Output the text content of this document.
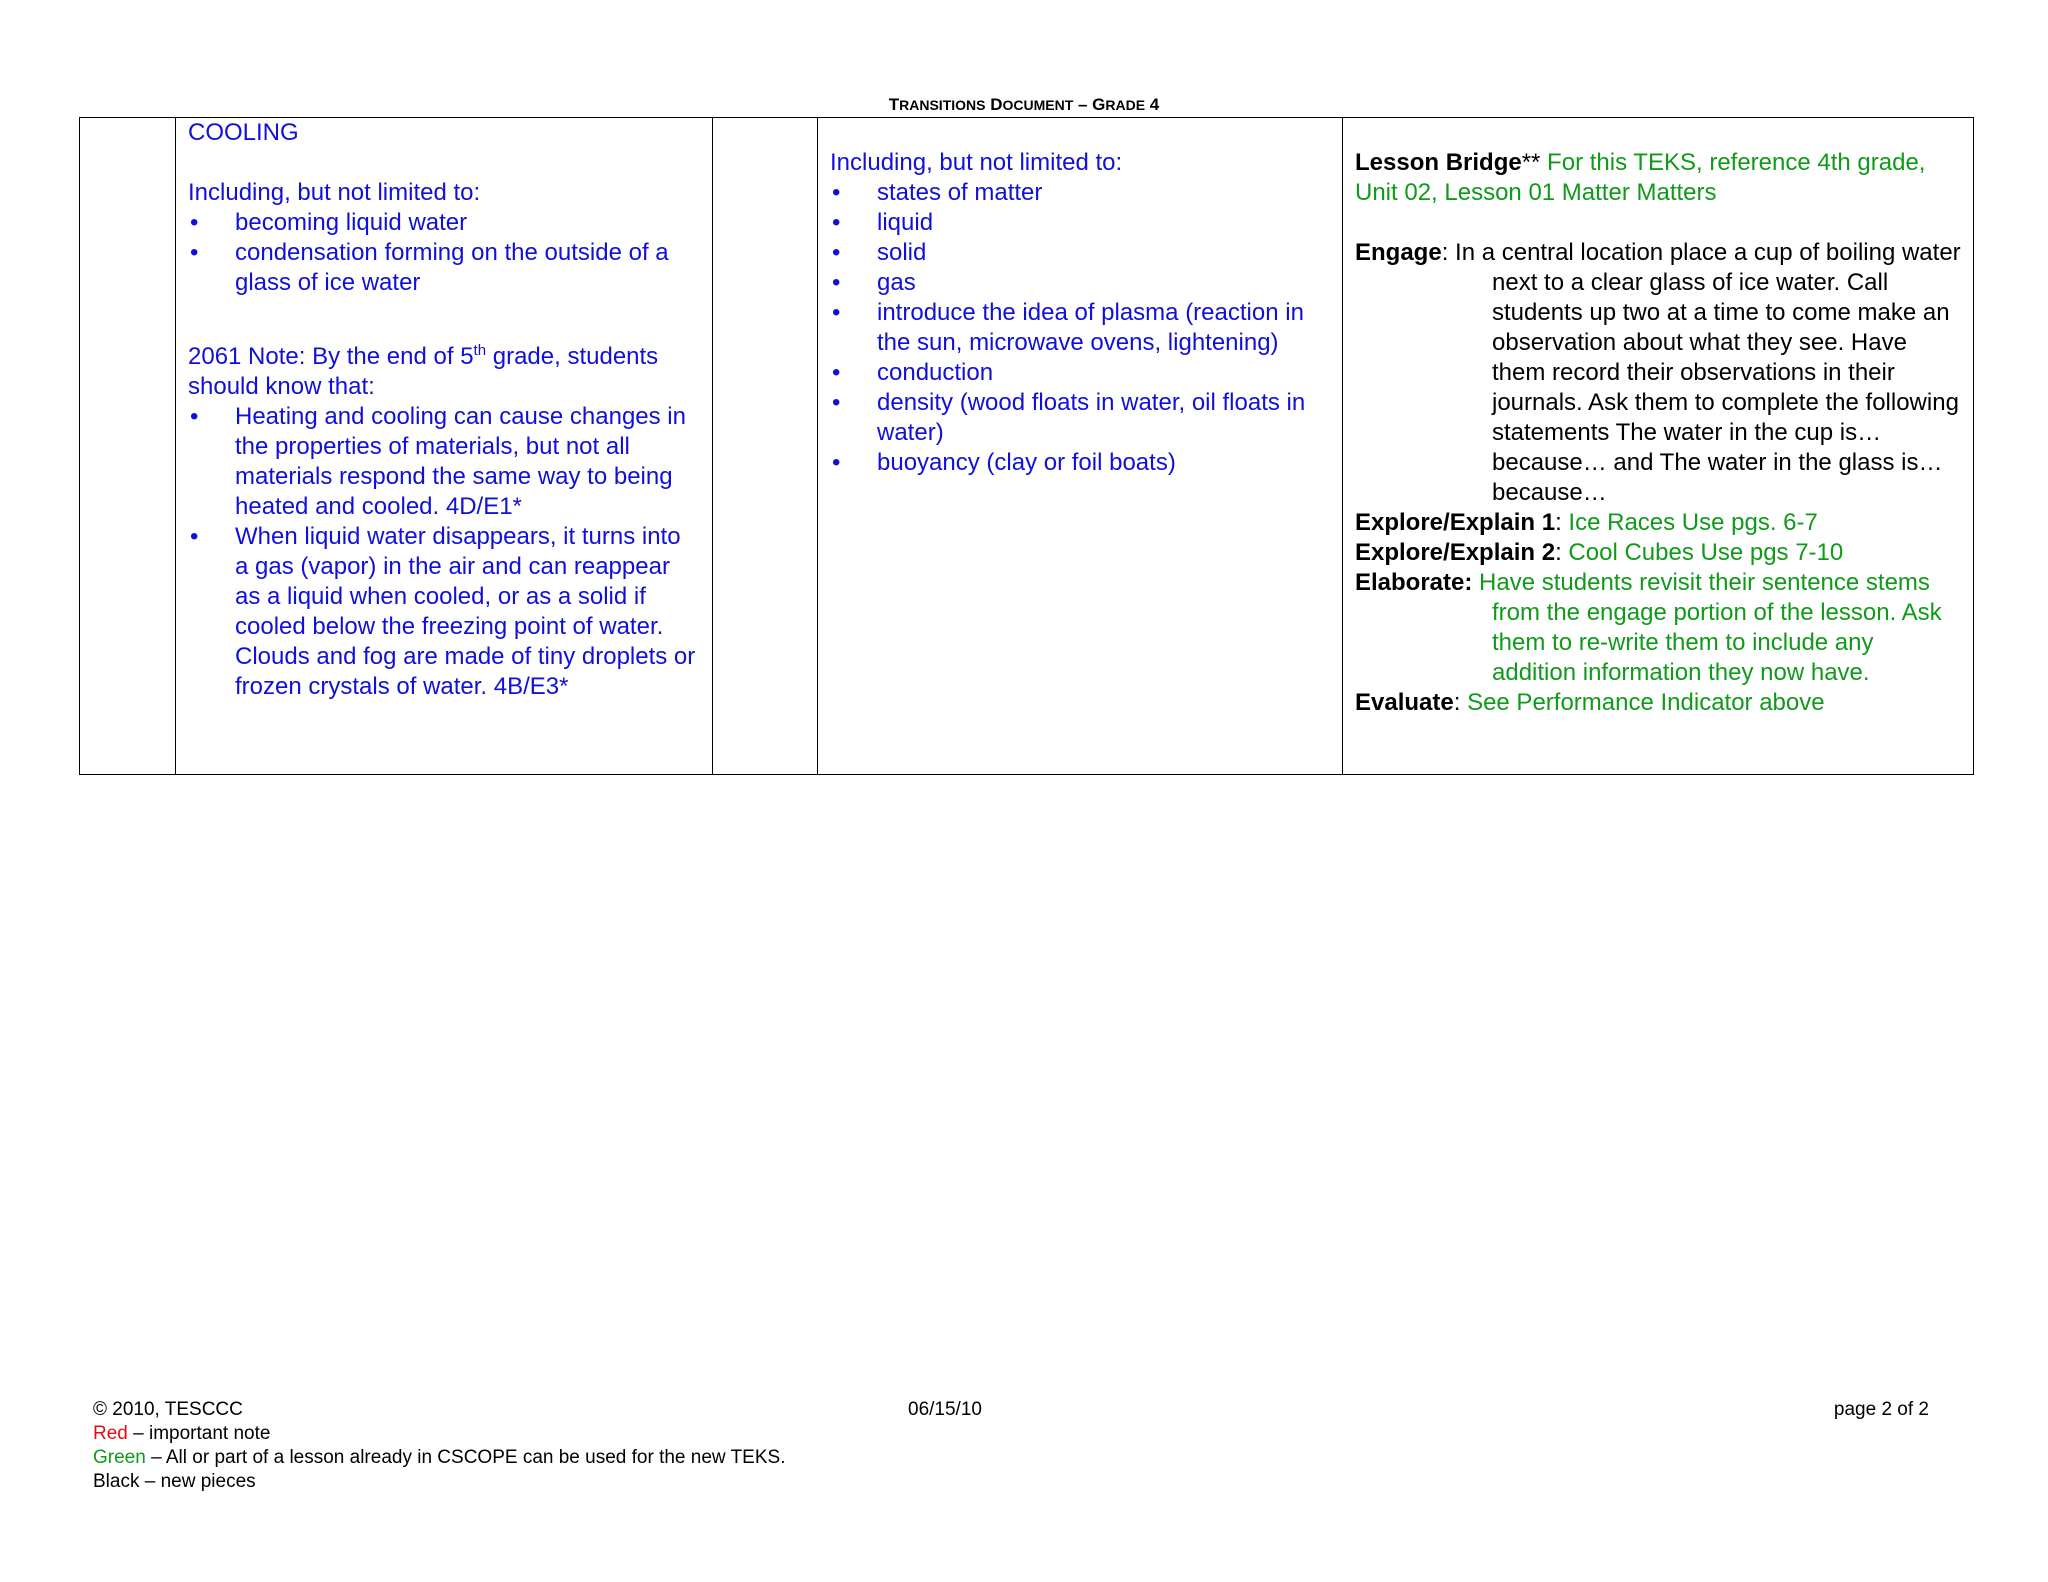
TRANSITIONS DOCUMENT – GRADE 4

COOLING
Including, but not limited to:
• becoming liquid water
• condensation forming on the outside of a glass of ice water
2061 Note: By the end of 5th grade, students should know that:
• Heating and cooling can cause changes in the properties of materials, but not all materials respond the same way to being heated and cooled. 4D/E1*
• When liquid water disappears, it turns into a gas (vapor) in the air and can reappear as a liquid when cooled, or as a solid if cooled below the freezing point of water. Clouds and fog are made of tiny droplets or frozen crystals of water. 4B/E3*

Including, but not limited to:
• states of matter
• liquid
• solid
• gas
• introduce the idea of plasma (reaction in the sun, microwave ovens, lightening)
• conduction
• density (wood floats in water, oil floats in water)
• buoyancy (clay or foil boats)

Lesson Bridge** For this TEKS, reference 4th grade, Unit 02, Lesson 01 Matter Matters
Engage: In a central location place a cup of boiling water next to a clear glass of ice water. Call students up two at a time to come make an observation about what they see. Have them record their observations in their journals. Ask them to complete the following statements The water in the cup is…because… and The water in the glass is…because…
Explore/Explain 1: Ice Races Use pgs. 6-7
Explore/Explain 2: Cool Cubes Use pgs 7-10
Elaborate: Have students revisit their sentence stems from the engage portion of the lesson. Ask them to re-write them to include any addition information they now have.
Evaluate: See Performance Indicator above
© 2010, TESCCC	06/15/10	page 2 of 2
Red – important note
Green – All or part of a lesson already in CSCOPE can be used for the new TEKS.
Black – new pieces
